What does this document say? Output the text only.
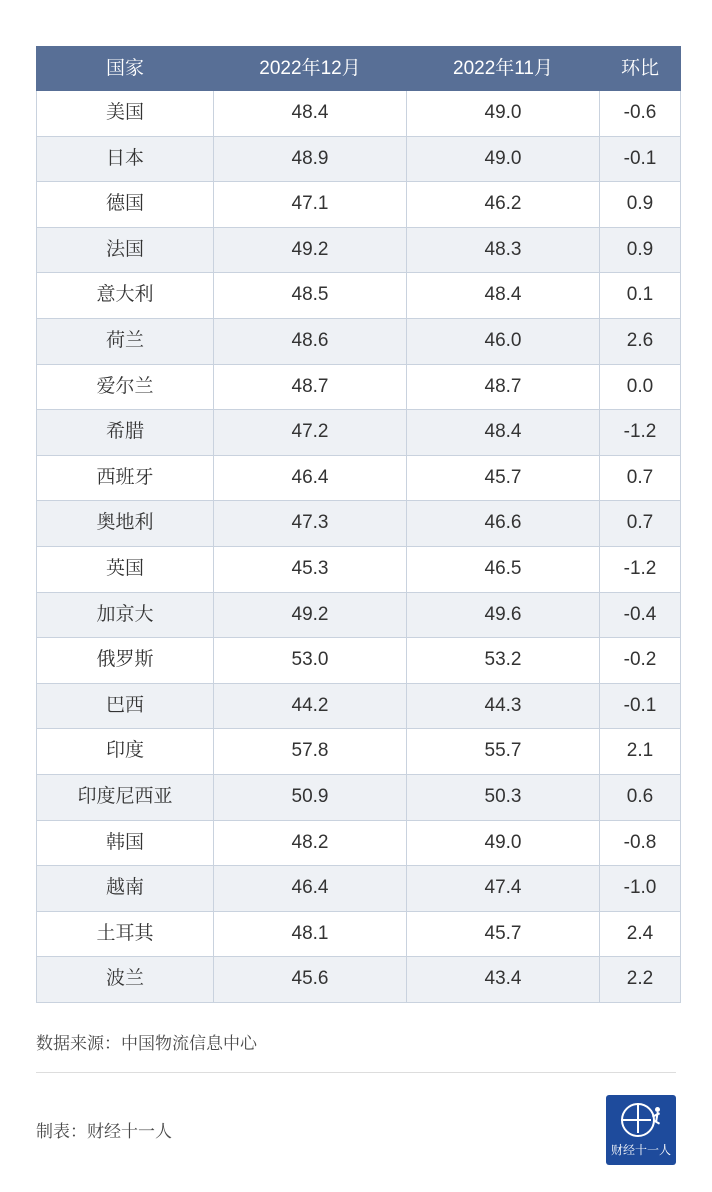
国家	2022年12月	2022年11月	环比
美国	48.4	49.0	-0.6
日本	48.9	49.0	-0.1
德国	47.1	46.2	0.9
法国	49.2	48.3	0.9
意大利	48.5	48.4	0.1
荷兰	48.6	46.0	2.6
爱尔兰	48.7	48.7	0.0
希腊	47.2	48.4	-1.2
西班牙	46.4	45.7	0.7
奥地利	47.3	46.6	0.7
英国	45.3	46.5	-1.2
加京大	49.2	49.6	-0.4
俄罗斯	53.0	53.2	-0.2
巴西	44.2	44.3	-0.1
印度	57.8	55.7	2.1
印度尼西亚	50.9	50.3	0.6
韩国	48.2	49.0	-0.8
越南	46.4	47.4	-1.0
土耳其	48.1	45.7	2.4
波兰	45.6	43.4	2.2
数据来源：中国物流信息中心
制表：财经十一人
财经十一人
